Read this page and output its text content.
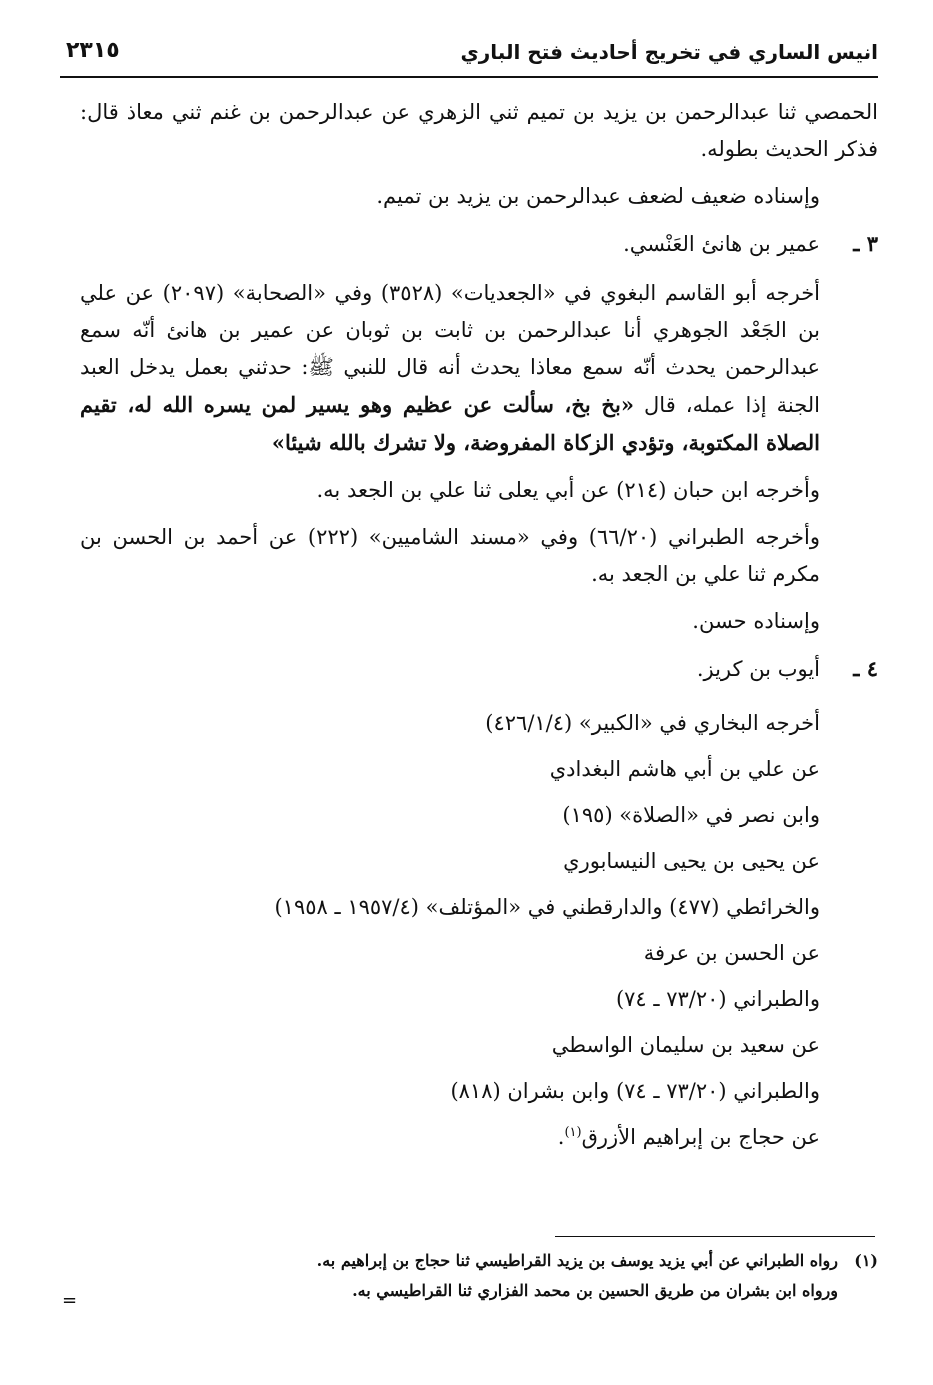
انيس الساري في تخريج أحاديث فتح الباري
٢٣١٥

الحمصي ثنا عبدالرحمن بن يزيد بن تميم ثني الزهري عن عبدالرحمن بن غنم ثني معاذ قال: فذكر الحديث بطوله.

وإسناده ضعيف لضعف عبدالرحمن بن يزيد بن تميم.

٣ ـعمير بن هانئ العَنْسي.

أخرجه أبو القاسم البغوي في «الجعديات» (٣٥٢٨) وفي «الصحابة» (٢٠٩٧) عن علي بن الجَعْد الجوهري أنا عبدالرحمن بن ثابت بن ثوبان عن عمير بن هانئ أنّه سمع عبدالرحمن يحدث أنّه سمع معاذا يحدث أنه قال للنبي ﷺ: حدثني بعمل يدخل العبد الجنة إذا عمله، قال «بخ بخ، سألت عن عظيم وهو يسير لمن يسره الله له، تقيم الصلاة المكتوبة، وتؤدي الزكاة المفروضة، ولا تشرك بالله شيئا»

وأخرجه ابن حبان (٢١٤) عن أبي يعلى ثنا علي بن الجعد به.

وأخرجه الطبراني (٦٦/٢٠) وفي «مسند الشاميين» (٢٢٢) عن أحمد بن الحسن بن مكرم ثنا علي بن الجعد به.

وإسناده حسن.

٤ ـأيوب بن كريز.
أخرجه البخاري في «الكبير» (٤٢٦/١/٤)
عن علي بن أبي هاشم البغدادي
وابن نصر في «الصلاة» (١٩٥)
عن يحيى بن يحيى النيسابوري
والخرائطي (٤٧٧) والدارقطني في «المؤتلف» (١٩٥٧/٤ ـ ١٩٥٨)
عن الحسن بن عرفة
والطبراني (٧٣/٢٠ ـ ٧٤)
عن سعيد بن سليمان الواسطي
والطبراني (٧٣/٢٠ ـ ٧٤) وابن بشران (٨١٨)
عن حجاج بن إبراهيم الأزرق$^{(١)}$.
(١)رواه الطبراني عن أبي يزيد يوسف بن يزيد القراطيسي ثنا حجاج بن إبراهيم به.
ورواه ابن بشران من طريق الحسين بن محمد الفزاري ثنا القراطيسي به.
=
